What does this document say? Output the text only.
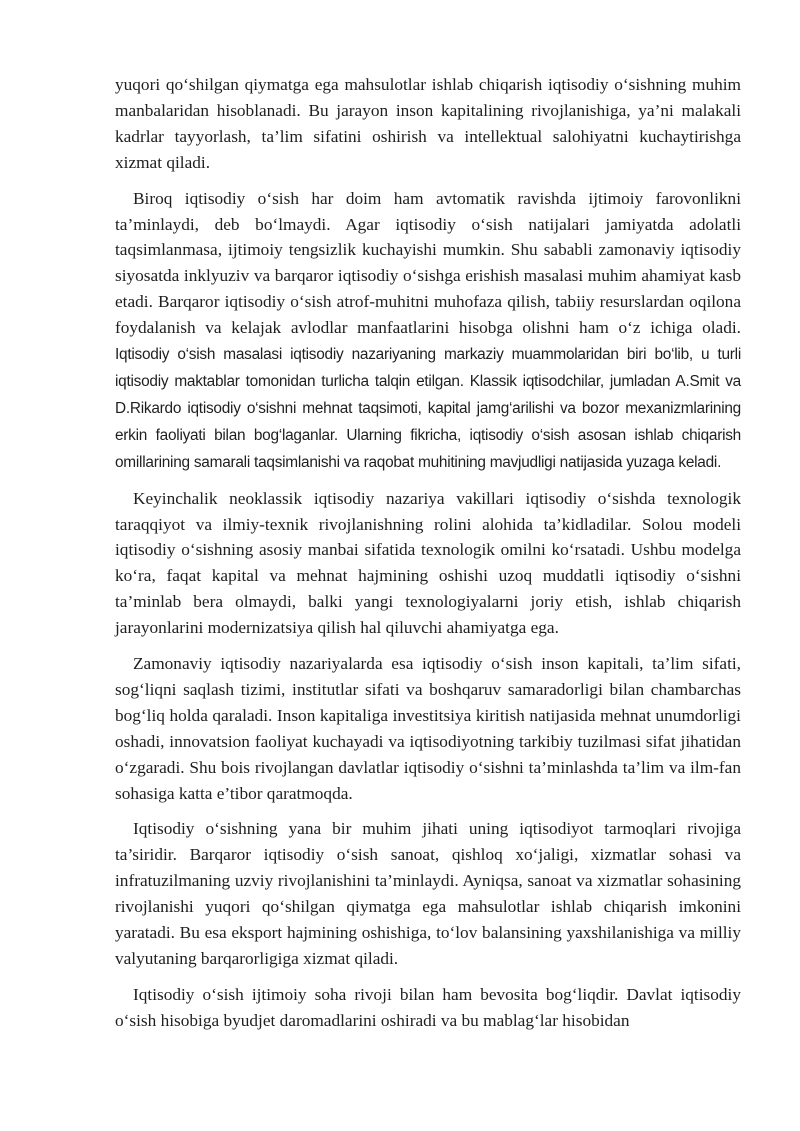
yuqori qo‘shilgan qiymatga ega mahsulotlar ishlab chiqarish iqtisodiy o‘sishning muhim manbalaridan hisoblanadi. Bu jarayon inson kapitalining rivojlanishiga, ya’ni malakali kadrlar tayyorlash, ta’lim sifatini oshirish va intellektual salohiyatni kuchaytirishga xizmat qiladi.

Biroq iqtisodiy o‘sish har doim ham avtomatik ravishda ijtimoiy farovonlikni ta’minlaydi, deb bo‘lmaydi. Agar iqtisodiy o‘sish natijalari jamiyatda adolatli taqsimlanmasa, ijtimoiy tengsizlik kuchayishi mumkin. Shu sababli zamonaviy iqtisodiy siyosatda inklyuziv va barqaror iqtisodiy o‘sishga erishish masalasi muhim ahamiyat kasb etadi. Barqaror iqtisodiy o‘sish atrof-muhitni muhofaza qilish, tabiiy resurslardan oqilona foydalanish va kelajak avlodlar manfaatlarini hisobga olishni ham o‘z ichiga oladi. Iqtisodiy o‘sish masalasi iqtisodiy nazariyaning markaziy muammolaridan biri bo‘lib, u turli iqtisodiy maktablar tomonidan turlicha talqin etilgan. Klassik iqtisodchilar, jumladan A.Smit va D.Rikardo iqtisodiy o‘sishni mehnat taqsimoti, kapital jamg‘arilishi va bozor mexanizmlarining erkin faoliyati bilan bog‘laganlar. Ularning fikricha, iqtisodiy o‘sish asosan ishlab chiqarish omillarining samarali taqsimlanishi va raqobat muhitining mavjudligi natijasida yuzaga keladi.

Keyinchalik neoklassik iqtisodiy nazariya vakillari iqtisodiy o‘sishda texnologik taraqqiyot va ilmiy-texnik rivojlanishning rolini alohida ta’kidladilar. Solou modeli iqtisodiy o‘sishning asosiy manbai sifatida texnologik omilni ko‘rsatadi. Ushbu modelga ko‘ra, faqat kapital va mehnat hajmining oshishi uzoq muddatli iqtisodiy o‘sishni ta’minlab bera olmaydi, balki yangi texnologiyalarni joriy etish, ishlab chiqarish jarayonlarini modernizatsiya qilish hal qiluvchi ahamiyatga ega.

Zamonaviy iqtisodiy nazariyalarda esa iqtisodiy o‘sish inson kapitali, ta’lim sifati, sog‘liqni saqlash tizimi, institutlar sifati va boshqaruv samaradorligi bilan chambarchas bog‘liq holda qaraladi. Inson kapitaliga investitsiya kiritish natijasida mehnat unumdorligi oshadi, innovatsion faoliyat kuchayadi va iqtisodiyotning tarkibiy tuzilmasi sifat jihatidan o‘zgaradi. Shu bois rivojlangan davlatlar iqtisodiy o‘sishni ta’minlashda ta’lim va ilm-fan sohasiga katta e’tibor qaratmoqda.

Iqtisodiy o‘sishning yana bir muhim jihati uning iqtisodiyot tarmoqlari rivojiga ta’siridir. Barqaror iqtisodiy o‘sish sanoat, qishloq xo‘jaligi, xizmatlar sohasi va infratuzilmaning uzviy rivojlanishini ta’minlaydi. Ayniqsa, sanoat va xizmatlar sohasining rivojlanishi yuqori qo‘shilgan qiymatga ega mahsulotlar ishlab chiqarish imkonini yaratadi. Bu esa eksport hajmining oshishiga, to‘lov balansining yaxshilanishiga va milliy valyutaning barqarorligiga xizmat qiladi.

Iqtisodiy o‘sish ijtimoiy soha rivoji bilan ham bevosita bog‘liqdir. Davlat iqtisodiy o‘sish hisobiga byudjet daromadlarini oshiradi va bu mablag‘lar hisobidan
